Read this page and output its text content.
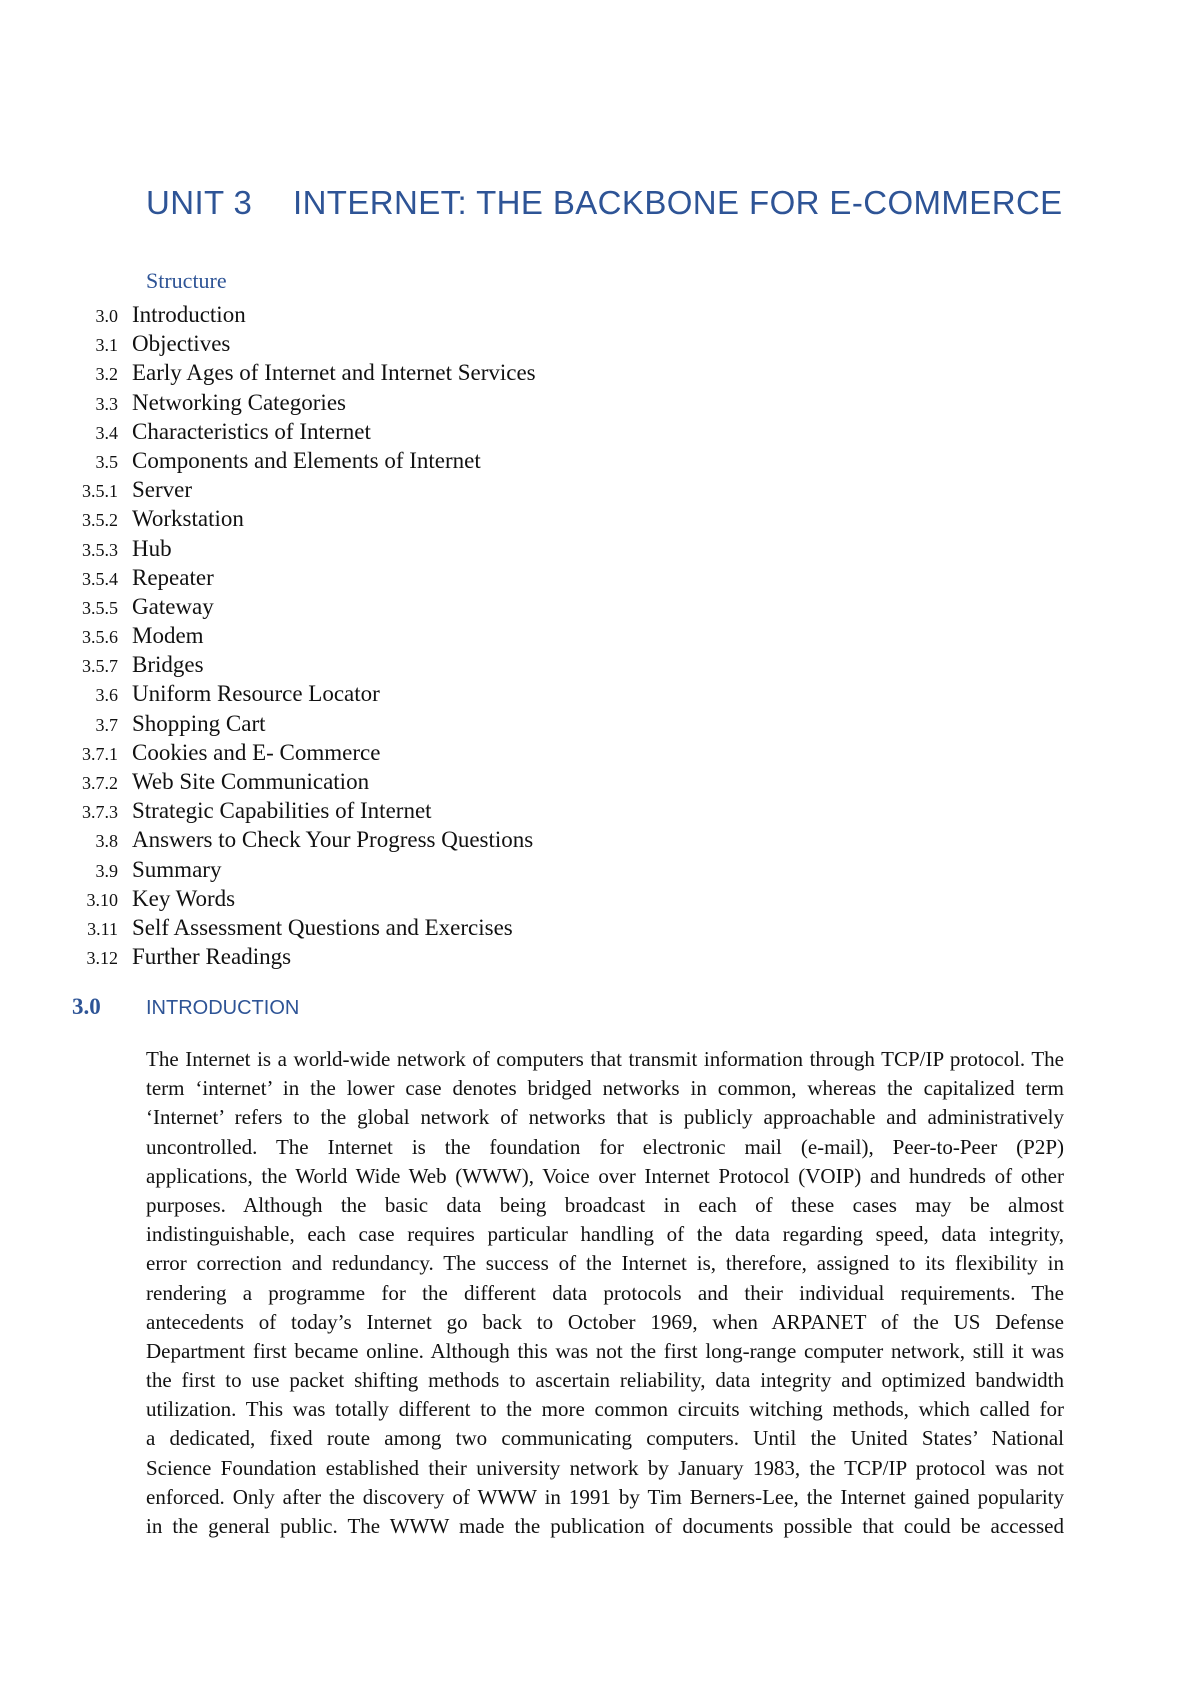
UNIT 3 INTERNET: THE BACKBONE FOR E-COMMERCE
Structure
3.0 Introduction
3.1 Objectives
3.2 Early Ages of Internet and Internet Services
3.3 Networking Categories
3.4 Characteristics of Internet
3.5 Components and Elements of Internet
3.5.1 Server
3.5.2 Workstation
3.5.3 Hub
3.5.4 Repeater
3.5.5 Gateway
3.5.6 Modem
3.5.7 Bridges
3.6 Uniform Resource Locator
3.7 Shopping Cart
3.7.1 Cookies and E- Commerce
3.7.2 Web Site Communication
3.7.3 Strategic Capabilities of Internet
3.8 Answers to Check Your Progress Questions
3.9 Summary
3.10 Key Words
3.11 Self Assessment Questions and Exercises
3.12 Further Readings
3.0	INTRODUCTION
The Internet is a world-wide network of computers that transmit information through TCP/IP protocol. The
term ‘internet’ in the lower case denotes bridged networks in common, whereas the capitalized term
‘Internet’ refers to the global network of networks that is publicly approachable and administratively
uncontrolled. The Internet is the foundation for electronic mail (e-mail), Peer-to-Peer (P2P)
applications, the World Wide Web (WWW), Voice over Internet Protocol (VOIP) and hundreds of other
purposes. Although the basic data being broadcast in each of these cases may be almost
indistinguishable, each case requires particular handling of the data regarding speed, data integrity,
error correction and redundancy. The success of the Internet is, therefore, assigned to its flexibility in
rendering a programme for the different data protocols and their individual requirements. The
antecedents of today’s Internet go back to October 1969, when ARPANET of the US Defense
Department first became online. Although this was not the first long-range computer network, still it was
the first to use packet shifting methods to ascertain reliability, data integrity and optimized bandwidth
utilization. This was totally different to the more common circuits witching methods, which called for
a dedicated, fixed route among two communicating computers. Until the United States’ National
Science Foundation established their university network by January 1983, the TCP/IP protocol was not
enforced. Only after the discovery of WWW in 1991 by Tim Berners-Lee, the Internet gained popularity
in the general public. The WWW made the publication of documents possible that could be accessed
